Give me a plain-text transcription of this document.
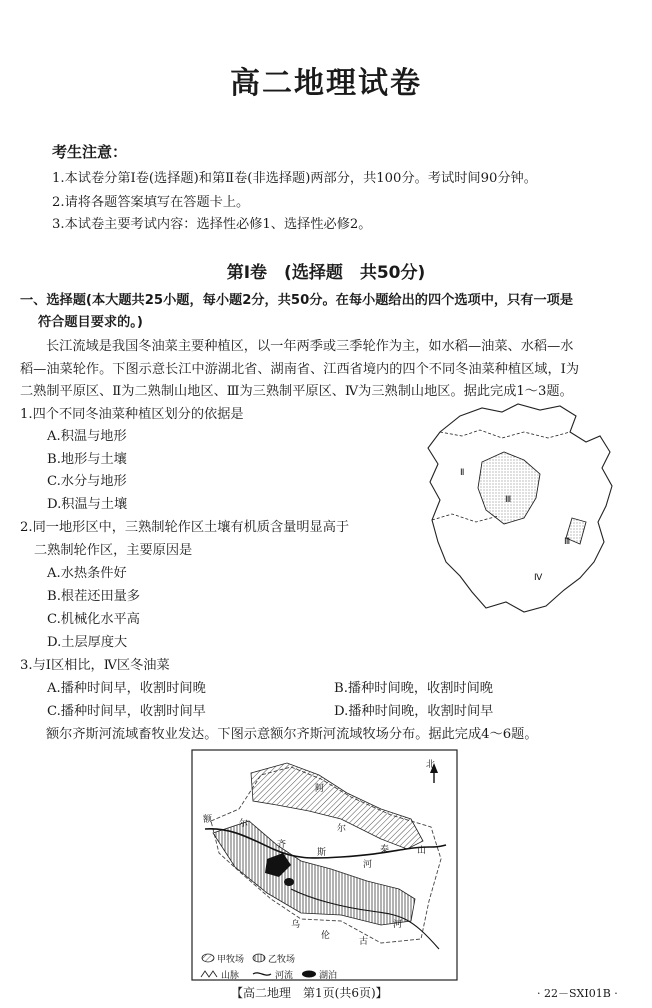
高二地理试卷
考生注意：
1.本试卷分第Ⅰ卷(选择题)和第Ⅱ卷(非选择题)两部分，共100分。考试时间90分钟。
2.请将各题答案填写在答题卡上。
3.本试卷主要考试内容：选择性必修1、选择性必修2。
第Ⅰ卷　(选择题　共50分)
一、选择题(本大题共25小题，每小题2分，共50分。在每小题给出的四个选项中，只有一项是
符合题目要求的。)
长江流域是我国冬油菜主要种植区，以一年两季或三季轮作为主，如水稻—油菜、水稻—水
稻—油菜轮作。下图示意长江中游湖北省、湖南省、江西省境内的四个不同冬油菜种植区域，Ⅰ为
二熟制平原区、Ⅱ为二熟制山地区、Ⅲ为三熟制平原区、Ⅳ为三熟制山地区。据此完成1～3题。
1.四个不同冬油菜种植区划分的依据是
A.积温与地形
B.地形与土壤
C.水分与地形
D.积温与土壤
2.同一地形区中，三熟制轮作区土壤有机质含量明显高于
二熟制轮作区，主要原因是
A.水热条件好
B.根茬还田量多
C.机械化水平高
D.土层厚度大
3.与Ⅰ区相比，Ⅳ区冬油菜
A.播种时间早，收割时间晚	B.播种时间晚，收割时间晚
C.播种时间早，收割时间早	D.播种时间晚，收割时间早
额尔齐斯河流域畜牧业发达。下图示意额尔齐斯河流域牧场分布。据此完成4～6题。
Ⅱ
Ⅲ
Ⅲ
Ⅳ
北
阿
尔
泰	山
额	尔
齐
斯
河
乌
伦
古
河
甲牧场	乙牧场
山脉	河流	湖泊
【高二地理　第1页(共6页)】	· 22－SXI01B ·
